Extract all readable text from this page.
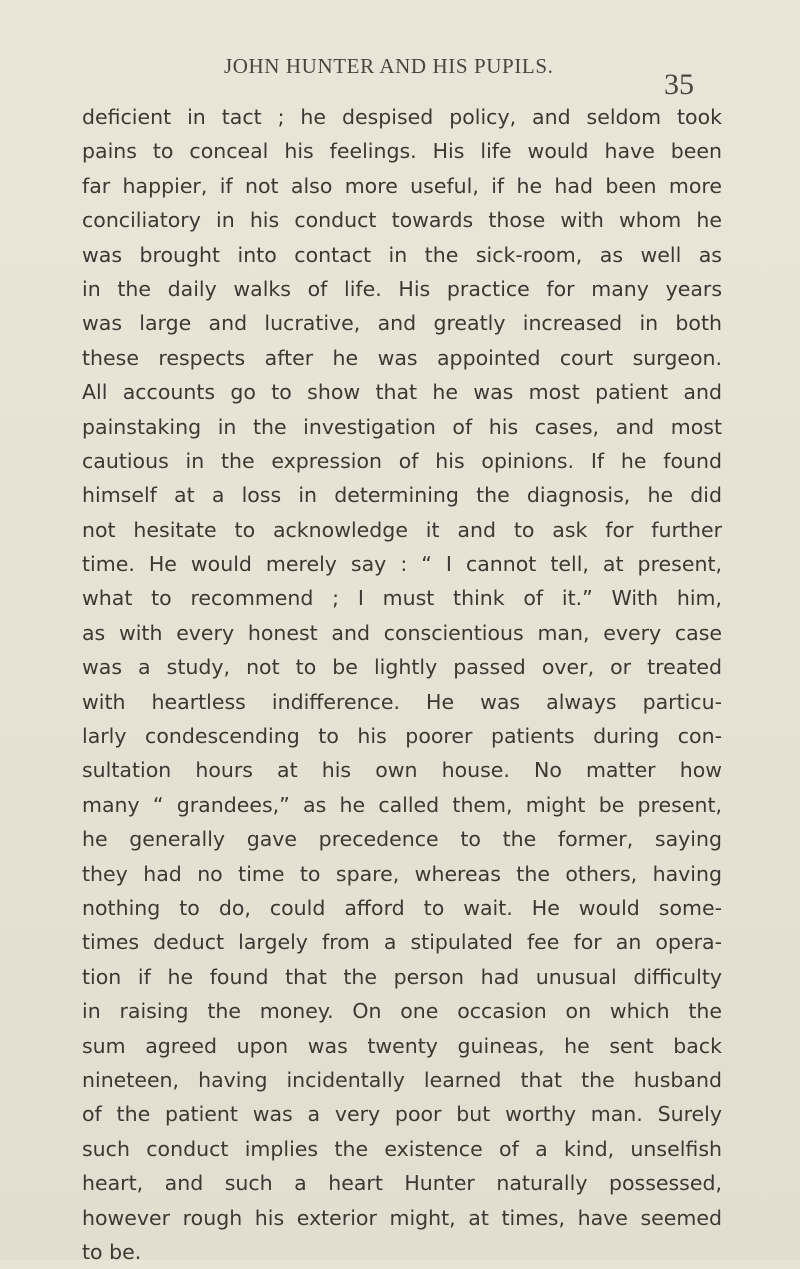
JOHN HUNTER AND HIS PUPILS.
35
deficient in tact ; he despised policy, and seldom took
pains to conceal his feelings. His life would have been
far happier, if not also more useful, if he had been more
conciliatory in his conduct towards those with whom he
was brought into contact in the sick-room, as well as
in the daily walks of life. His practice for many years
was large and lucrative, and greatly increased in both
these respects after he was appointed court surgeon.
All accounts go to show that he was most patient and
painstaking in the investigation of his cases, and most
cautious in the expression of his opinions. If he found
himself at a loss in determining the diagnosis, he did
not hesitate to acknowledge it and to ask for further
time. He would merely say : “ I cannot tell, at present,
what to recommend ; I must think of it.” With him,
as with every honest and conscientious man, every case
was a study, not to be lightly passed over, or treated
with heartless indifference. He was always particu-
larly condescending to his poorer patients during con-
sultation hours at his own house. No matter how
many “ grandees,” as he called them, might be present,
he generally gave precedence to the former, saying
they had no time to spare, whereas the others, having
nothing to do, could afford to wait. He would some-
times deduct largely from a stipulated fee for an opera-
tion if he found that the person had unusual difficulty
in raising the money. On one occasion on which the
sum agreed upon was twenty guineas, he sent back
nineteen, having incidentally learned that the husband
of the patient was a very poor but worthy man. Surely
such conduct implies the existence of a kind, unselfish
heart, and such a heart Hunter naturally possessed,
however rough his exterior might, at times, have seemed
to be.
